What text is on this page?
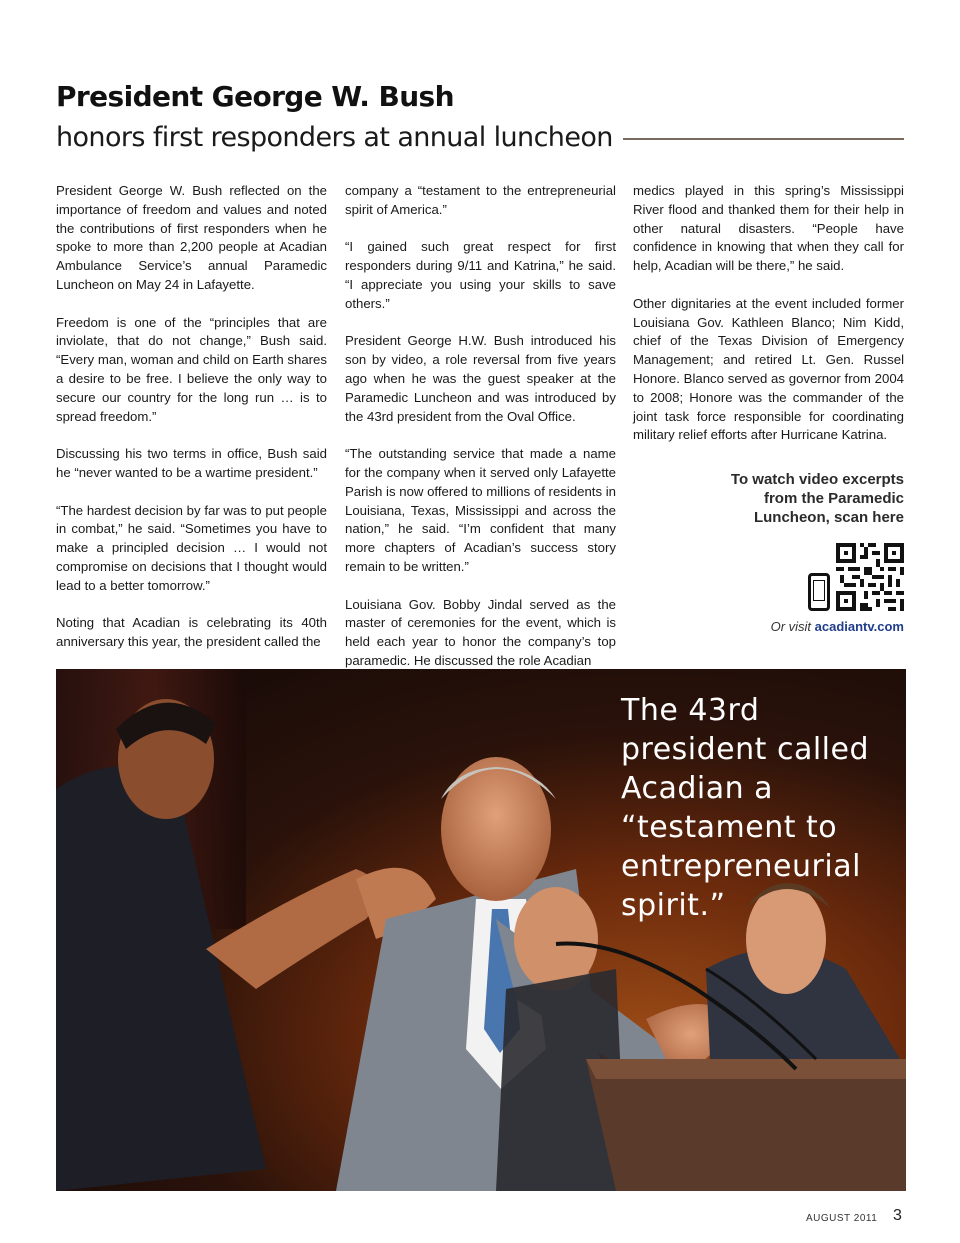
President George W. Bush
honors first responders at annual luncheon

President George W. Bush reflected on the importance of freedom and values and noted the contributions of first responders when he spoke to more than 2,200 people at Acadian Ambulance Service’s annual Paramedic Luncheon on May 24 in Lafayette.

Freedom is one of the “principles that are inviolate, that do not change,” Bush said. “Every man, woman and child on Earth shares a desire to be free. I believe the only way to secure our country for the long run … is to spread freedom.”

Discussing his two terms in office, Bush said he “never wanted to be a wartime president.”

“The hardest decision by far was to put people in combat,” he said. “Sometimes you have to make a principled decision … I would not compromise on decisions that I thought would lead to a better tomorrow.”

Noting that Acadian is celebrating its 40th anniversary this year, the president called the

company a “testament to the entrepreneurial spirit of America.”

“I gained such great respect for first responders during 9/11 and Katrina,” he said. “I appreciate you using your skills to save others.”

President George H.W. Bush introduced his son by video, a role reversal from five years ago when he was the guest speaker at the Paramedic Luncheon and was introduced by the 43rd president from the Oval Office.

“The outstanding service that made a name for the company when it served only Lafayette Parish is now offered to millions of residents in Louisiana, Texas, Mississippi and across the nation,” he said. “I’m confident that many more chapters of Acadian’s success story remain to be written.”

Louisiana Gov. Bobby Jindal served as the master of ceremonies for the event, which is held each year to honor the company’s top paramedic. He discussed the role Acadian

medics played in this spring’s Mississippi River flood and thanked them for their help in other natural disasters. “People have confidence in knowing that when they call for help, Acadian will be there,” he said.

Other dignitaries at the event included former Louisiana Gov. Kathleen Blanco; Nim Kidd, chief of the Texas Division of Emergency Management; and retired Lt. Gen. Russel Honore. Blanco served as governor from 2004 to 2008; Honore was the commander of the joint task force responsible for coordinating military relief efforts after Hurricane Katrina.

To watch video excerpts
from the Paramedic
Luncheon, scan here
Or visit acadiantv.com
The 43rd
president called
Acadian a
“testament to
entrepreneurial
spirit.”
AUGUST 2011 3
